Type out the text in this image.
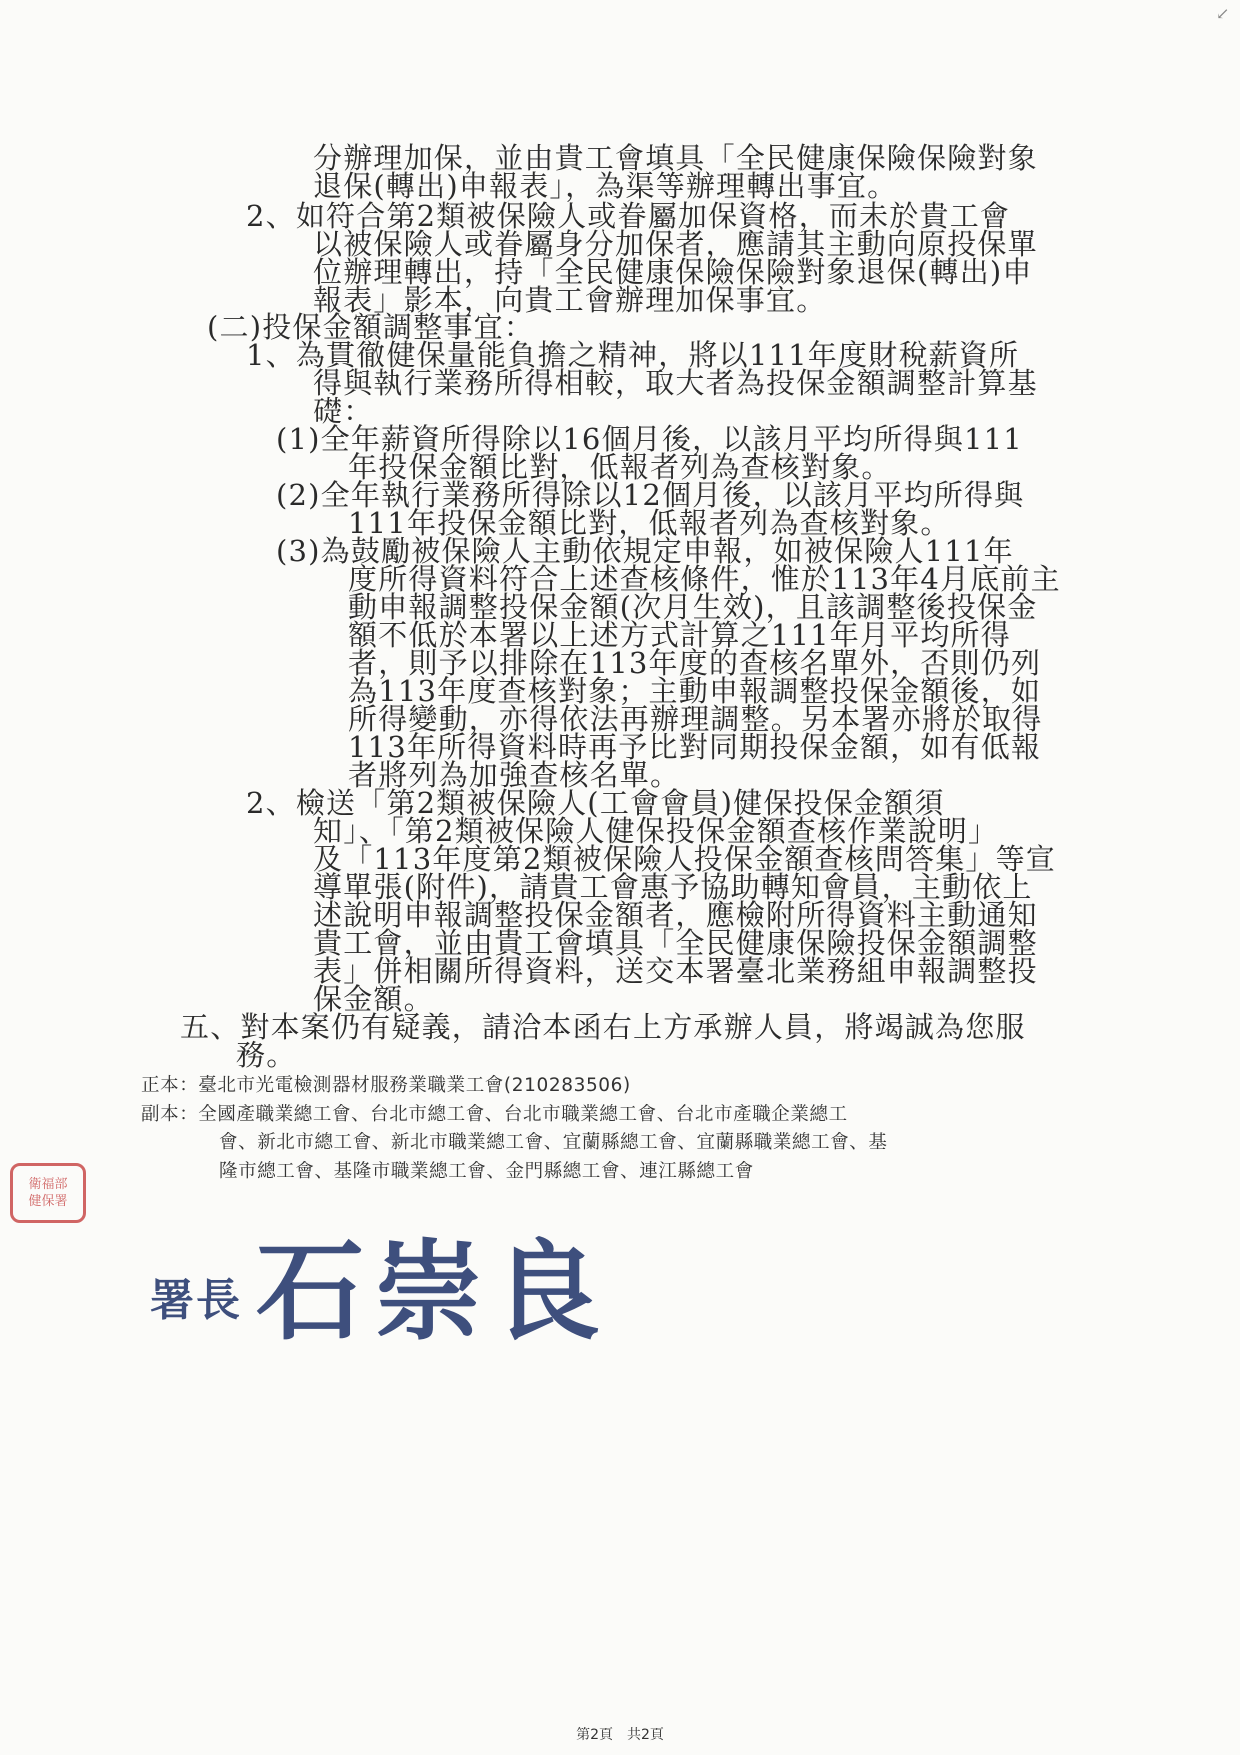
↙
分辦理加保，並由貴工會填具「全民健康保險保險對象
退保(轉出)申報表」，為渠等辦理轉出事宜。
2、如符合第2類被保險人或眷屬加保資格，而未於貴工會
以被保險人或眷屬身分加保者，應請其主動向原投保單
位辦理轉出，持「全民健康保險保險對象退保(轉出)申
報表」影本，向貴工會辦理加保事宜。
(二)投保金額調整事宜：
1、為貫徹健保量能負擔之精神，將以111年度財稅薪資所
得與執行業務所得相較，取大者為投保金額調整計算基
礎：
(1)全年薪資所得除以16個月後，以該月平均所得與111
年投保金額比對，低報者列為查核對象。
(2)全年執行業務所得除以12個月後，以該月平均所得與
111年投保金額比對，低報者列為查核對象。
(3)為鼓勵被保險人主動依規定申報，如被保險人111年
度所得資料符合上述查核條件，惟於113年4月底前主
動申報調整投保金額(次月生效)，且該調整後投保金
額不低於本署以上述方式計算之111年月平均所得
者，則予以排除在113年度的查核名單外，否則仍列
為113年度查核對象；主動申報調整投保金額後，如
所得變動，亦得依法再辦理調整。另本署亦將於取得
113年所得資料時再予比對同期投保金額，如有低報
者將列為加強查核名單。
2、檢送「第2類被保險人(工會會員)健保投保金額須
知」、「第2類被保險人健保投保金額查核作業說明」
及「113年度第2類被保險人投保金額查核問答集」等宣
導單張(附件)，請貴工會惠予協助轉知會員，主動依上
述說明申報調整投保金額者，應檢附所得資料主動通知
貴工會，並由貴工會填具「全民健康保險投保金額調整
表」併相關所得資料，送交本署臺北業務組申報調整投
保金額。
五、對本案仍有疑義，請洽本函右上方承辦人員，將竭誠為您服
務。
正本：臺北市光電檢測器材服務業職業工會(210283506)
副本：全國產職業總工會、台北市總工會、台北市職業總工會、台北市產職企業總工
會、新北市總工會、新北市職業總工會、宜蘭縣總工會、宜蘭縣職業總工會、基
隆市總工會、基隆市職業總工會、金門縣總工會、連江縣總工會
衛福部
健保署
署長 石崇良
第2頁　共2頁
